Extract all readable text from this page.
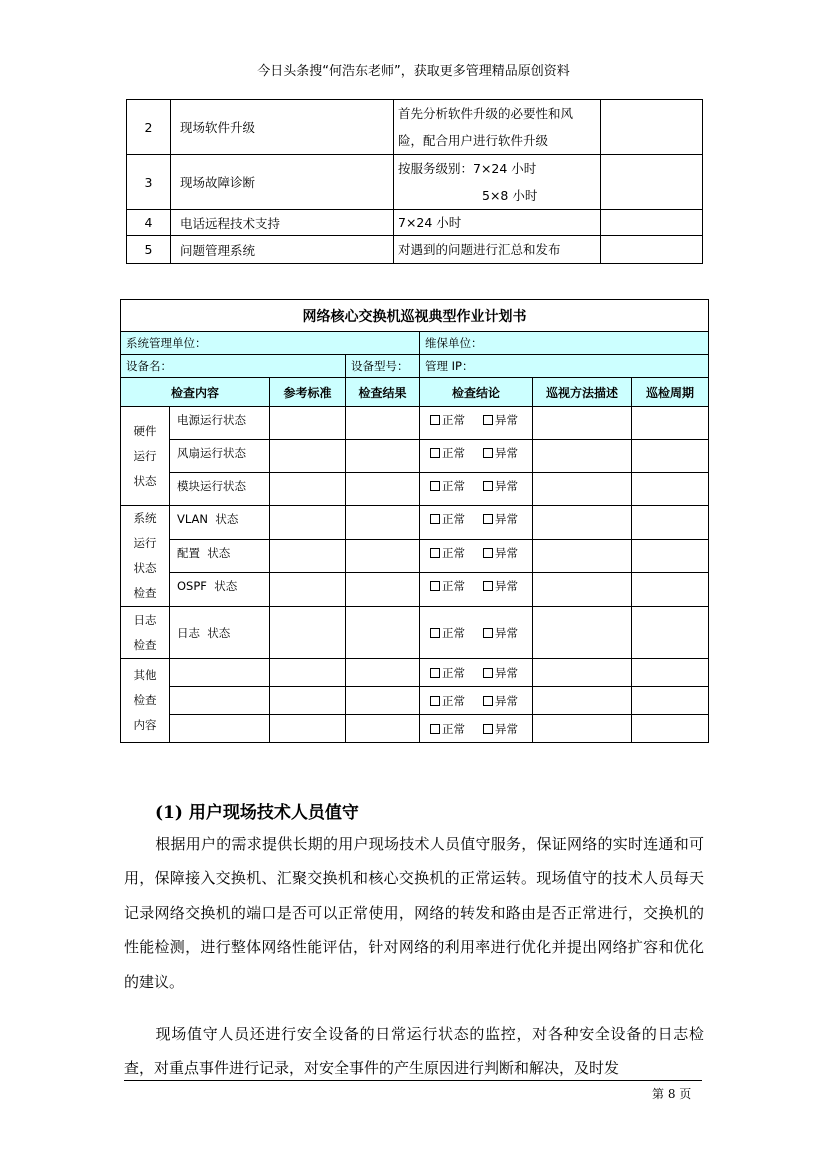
今日头条搜“何浩东老师”，获取更多管理精品原创资料
2	现场软件升级	首先分析软件升级的必要性和风
险，配合用户进行软件升级	

3	现场故障诊断	按服务级别：7×24 小时
5×8 小时	

4	电话远程技术支持	7×24 小时	

5	问题管理系统	对遇到的问题进行汇总和发布	

网络核心交换机巡视典型作业计划书						
系统管理单位：				维保单位：		
设备名：			设备型号：	管理 IP：		
检查内容		参考标准	检查结果	检查结论	巡视方法描述	巡检周期

硬件
运行
状态	电源运行状态			正常 异常		
	风扇运行状态			正常 异常		
	模块运行状态			正常 异常		

系统
运行
状态
检查	VLAN  状态			正常 异常		
	配置  状态			正常 异常		
	OSPF  状态			正常 异常		

日志
检查	日志  状态			正常 异常		

其他
检查
内容				正常 异常		
				正常 异常		
				正常 异常		
(1) 用户现场技术人员值守
根据用户的需求提供长期的用户现场技术人员值守服务，保证网络的实时连通和可用，保障接入交换机、汇聚交换机和核心交换机的正常运转。现场值守的技术人员每天记录网络交换机的端口是否可以正常使用，网络的转发和路由是否正常进行，交换机的性能检测，进行整体网络性能评估，针对网络的利用率进行优化并提出网络扩容和优化的建议。
现场值守人员还进行安全设备的日常运行状态的监控，对各种安全设备的日志检查，对重点事件进行记录，对安全事件的产生原因进行判断和解决，及时发
第 8 页
